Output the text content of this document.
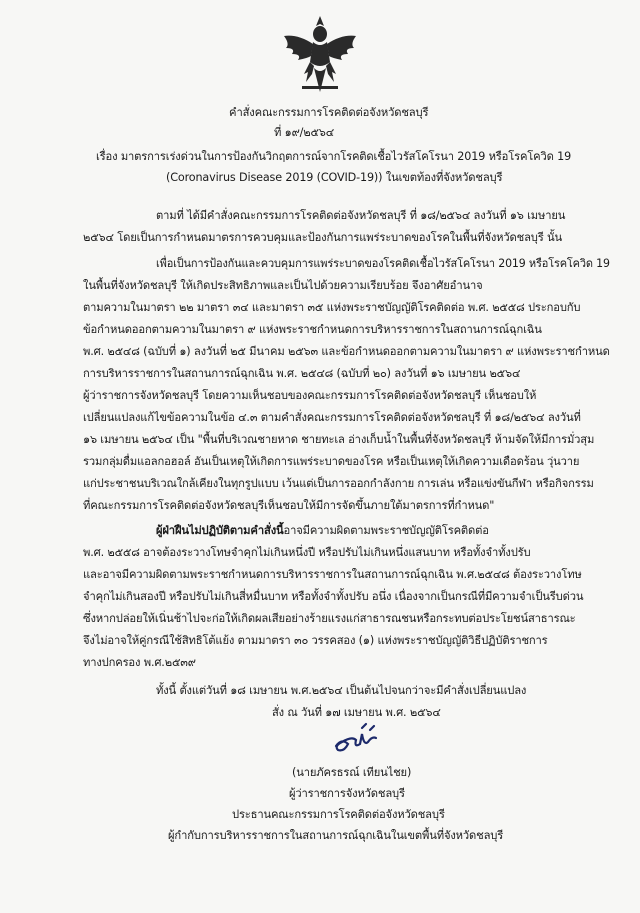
คำสั่งคณะกรรมการโรคติดต่อจังหวัดชลบุรี
ที่ ๑๙/๒๕๖๔
เรื่อง มาตรการเร่งด่วนในการป้องกันวิกฤตการณ์จากโรคติดเชื้อไวรัสโคโรนา 2019 หรือโรคโควิด 19
(Coronavirus Disease 2019 (COVID-19)) ในเขตท้องที่จังหวัดชลบุรี
ตามที่ ได้มีคำสั่งคณะกรรมการโรคติดต่อจังหวัดชลบุรี ที่ ๑๘/๒๕๖๔ ลงวันที่ ๑๖ เมษายน
๒๕๖๔ โดยเป็นการกำหนดมาตรการควบคุมและป้องกันการแพร่ระบาดของโรคในพื้นที่จังหวัดชลบุรี นั้น
เพื่อเป็นการป้องกันและควบคุมการแพร่ระบาดของโรคติดเชื้อไวรัสโคโรนา 2019 หรือโรคโควิด 19
ในพื้นที่จังหวัดชลบุรี ให้เกิดประสิทธิภาพและเป็นไปด้วยความเรียบร้อย จึงอาศัยอำนาจ
ตามความในมาตรา ๒๒ มาตรา ๓๔ และมาตรา ๓๕ แห่งพระราชบัญญัติโรคติดต่อ พ.ศ. ๒๕๕๘ ประกอบกับ
ข้อกำหนดออกตามความในมาตรา ๙ แห่งพระราชกำหนดการบริหารราชการในสถานการณ์ฉุกเฉิน
พ.ศ. ๒๕๔๘ (ฉบับที่ ๑) ลงวันที่ ๒๕ มีนาคม ๒๕๖๓ และข้อกำหนดออกตามความในมาตรา ๙ แห่งพระราชกำหนด
การบริหารราชการในสถานการณ์ฉุกเฉิน พ.ศ. ๒๕๔๘ (ฉบับที่ ๒๐) ลงวันที่ ๑๖ เมษายน ๒๕๖๔
ผู้ว่าราชการจังหวัดชลบุรี โดยความเห็นชอบของคณะกรรมการโรคติดต่อจังหวัดชลบุรี เห็นชอบให้
เปลี่ยนแปลงแก้ไขข้อความในข้อ ๔.๓ ตามคำสั่งคณะกรรมการโรคติดต่อจังหวัดชลบุรี ที่ ๑๘/๒๕๖๔ ลงวันที่
๑๖ เมษายน ๒๕๖๔ เป็น "พื้นที่บริเวณชายหาด ชายทะเล อ่างเก็บน้ำในพื้นที่จังหวัดชลบุรี ห้ามจัดให้มีการมั่วสุม
รวมกลุ่มดื่มแอลกอฮอล์ อันเป็นเหตุให้เกิดการแพร่ระบาดของโรค หรือเป็นเหตุให้เกิดความเดือดร้อน วุ่นวาย
แก่ประชาชนบริเวณใกล้เคียงในทุกรูปแบบ เว้นแต่เป็นการออกกำลังกาย การเล่น หรือแข่งขันกีฬา หรือกิจกรรม
ที่คณะกรรมการโรคติดต่อจังหวัดชลบุรีเห็นชอบให้มีการจัดขึ้นภายใต้มาตรการที่กำหนด"
ผู้ฝ่าฝืนไม่ปฏิบัติตามคำสั่งนี้อาจมีความผิดตามพระราชบัญญัติโรคติดต่อ
พ.ศ. ๒๕๕๘ อาจต้องระวางโทษจำคุกไม่เกินหนึ่งปี หรือปรับไม่เกินหนึ่งแสนบาท หรือทั้งจำทั้งปรับ
และอาจมีความผิดตามพระราชกำหนดการบริหารราชการในสถานการณ์ฉุกเฉิน พ.ศ.๒๕๔๘ ต้องระวางโทษ
จำคุกไม่เกินสองปี หรือปรับไม่เกินสี่หมื่นบาท หรือทั้งจำทั้งปรับ อนึ่ง เนื่องจากเป็นกรณีที่มีความจำเป็นรีบด่วน
ซึ่งหากปล่อยให้เนิ่นช้าไปจะก่อให้เกิดผลเสียอย่างร้ายแรงแก่สาธารณชนหรือกระทบต่อประโยชน์สาธารณะ
จึงไม่อาจให้คู่กรณีใช้สิทธิโต้แย้ง ตามมาตรา ๓๐ วรรคสอง (๑) แห่งพระราชบัญญัติวิธีปฏิบัติราชการ
ทางปกครอง พ.ศ.๒๕๓๙
ทั้งนี้ ตั้งแต่วันที่ ๑๘ เมษายน พ.ศ.๒๕๖๔ เป็นต้นไปจนกว่าจะมีคำสั่งเปลี่ยนแปลง
สั่ง ณ วันที่ ๑๗ เมษายน พ.ศ. ๒๕๖๔
(นายภัครธรณ์ เทียนไชย)
ผู้ว่าราชการจังหวัดชลบุรี
ประธานคณะกรรมการโรคติดต่อจังหวัดชลบุรี
ผู้กำกับการบริหารราชการในสถานการณ์ฉุกเฉินในเขตพื้นที่จังหวัดชลบุรี
